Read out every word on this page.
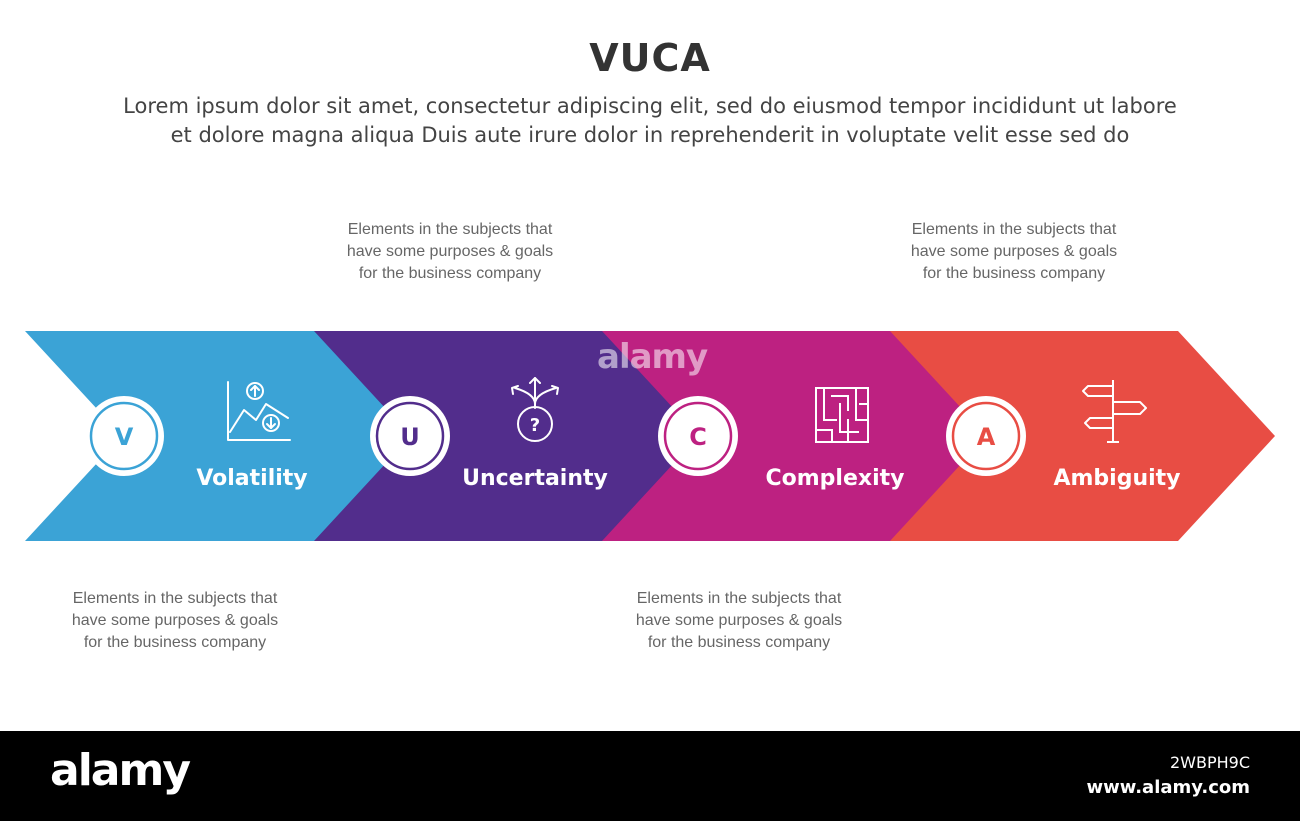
VUCA
Lorem ipsum dolor sit amet, consectetur adipiscing elit, sed do eiusmod tempor incididunt ut labore
et dolore magna aliqua Duis aute irure dolor in reprehenderit in voluptate velit esse sed do
Elements in the subjects that
have some purposes & goals
for the business company
Elements in the subjects that
have some purposes & goals
for the business company
Elements in the subjects that
have some purposes & goals
for the business company
Elements in the subjects that
have some purposes & goals
for the business company
V	U	C	A
Volatility	Uncertainty	Complexity	Ambiguity
?
alamy
alamy	2WBPH9C
www.alamy.com
